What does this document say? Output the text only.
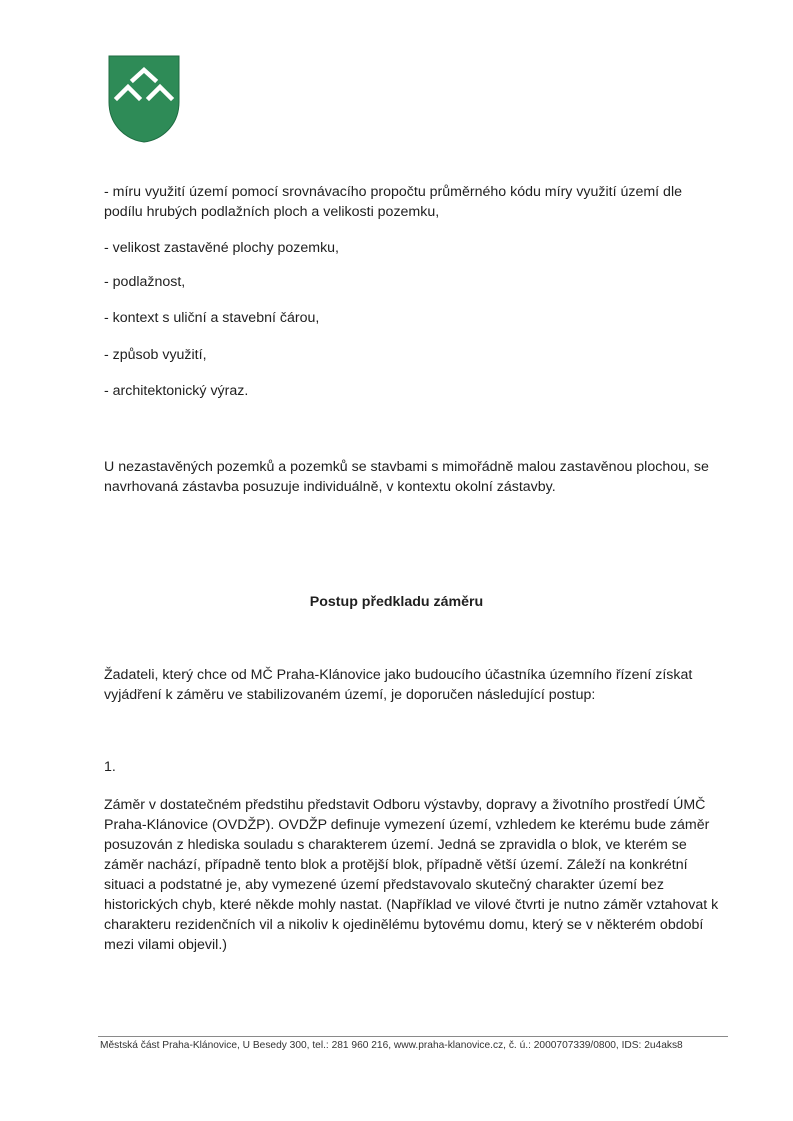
- míru využití území pomocí srovnávacího propočtu průměrného kódu míry využití území dle podílu hrubých podlažních ploch a velikosti pozemku,

- velikost zastavěné plochy pozemku,

- podlažnost,

- kontext s uliční a stavební čárou,

- způsob využití,

- architektonický výraz.

U nezastavěných pozemků a pozemků se stavbami s mimořádně malou zastavěnou plochou, se navrhovaná zástavba posuzuje individuálně, v kontextu okolní zástavby.

Postup předkladu záměru

Žadateli, který chce od MČ Praha-Klánovice jako budoucího účastníka územního řízení získat vyjádření k záměru ve stabilizovaném území, je doporučen následující postup:

1.

Záměr v dostatečném předstihu představit Odboru výstavby, dopravy a životního prostředí ÚMČ Praha-Klánovice (OVDŽP). OVDŽP definuje vymezení území, vzhledem ke kterému bude záměr posuzován z hlediska souladu s charakterem území. Jedná se zpravidla o blok, ve kterém se záměr nachází, případně tento blok a protější blok, případně větší území. Záleží na konkrétní situaci a podstatné je, aby vymezené území představovalo skutečný charakter území bez historických chyb, které někde mohly nastat. (Například ve vilové čtvrti je nutno záměr vztahovat k charakteru rezidenčních vil a nikoliv k ojedinělému bytovému domu, který se v některém období mezi vilami objevil.)

Městská část Praha-Klánovice, U Besedy 300, tel.: 281 960 216, www.praha-klanovice.cz, č. ú.: 2000707339/0800, IDS: 2u4aks8
